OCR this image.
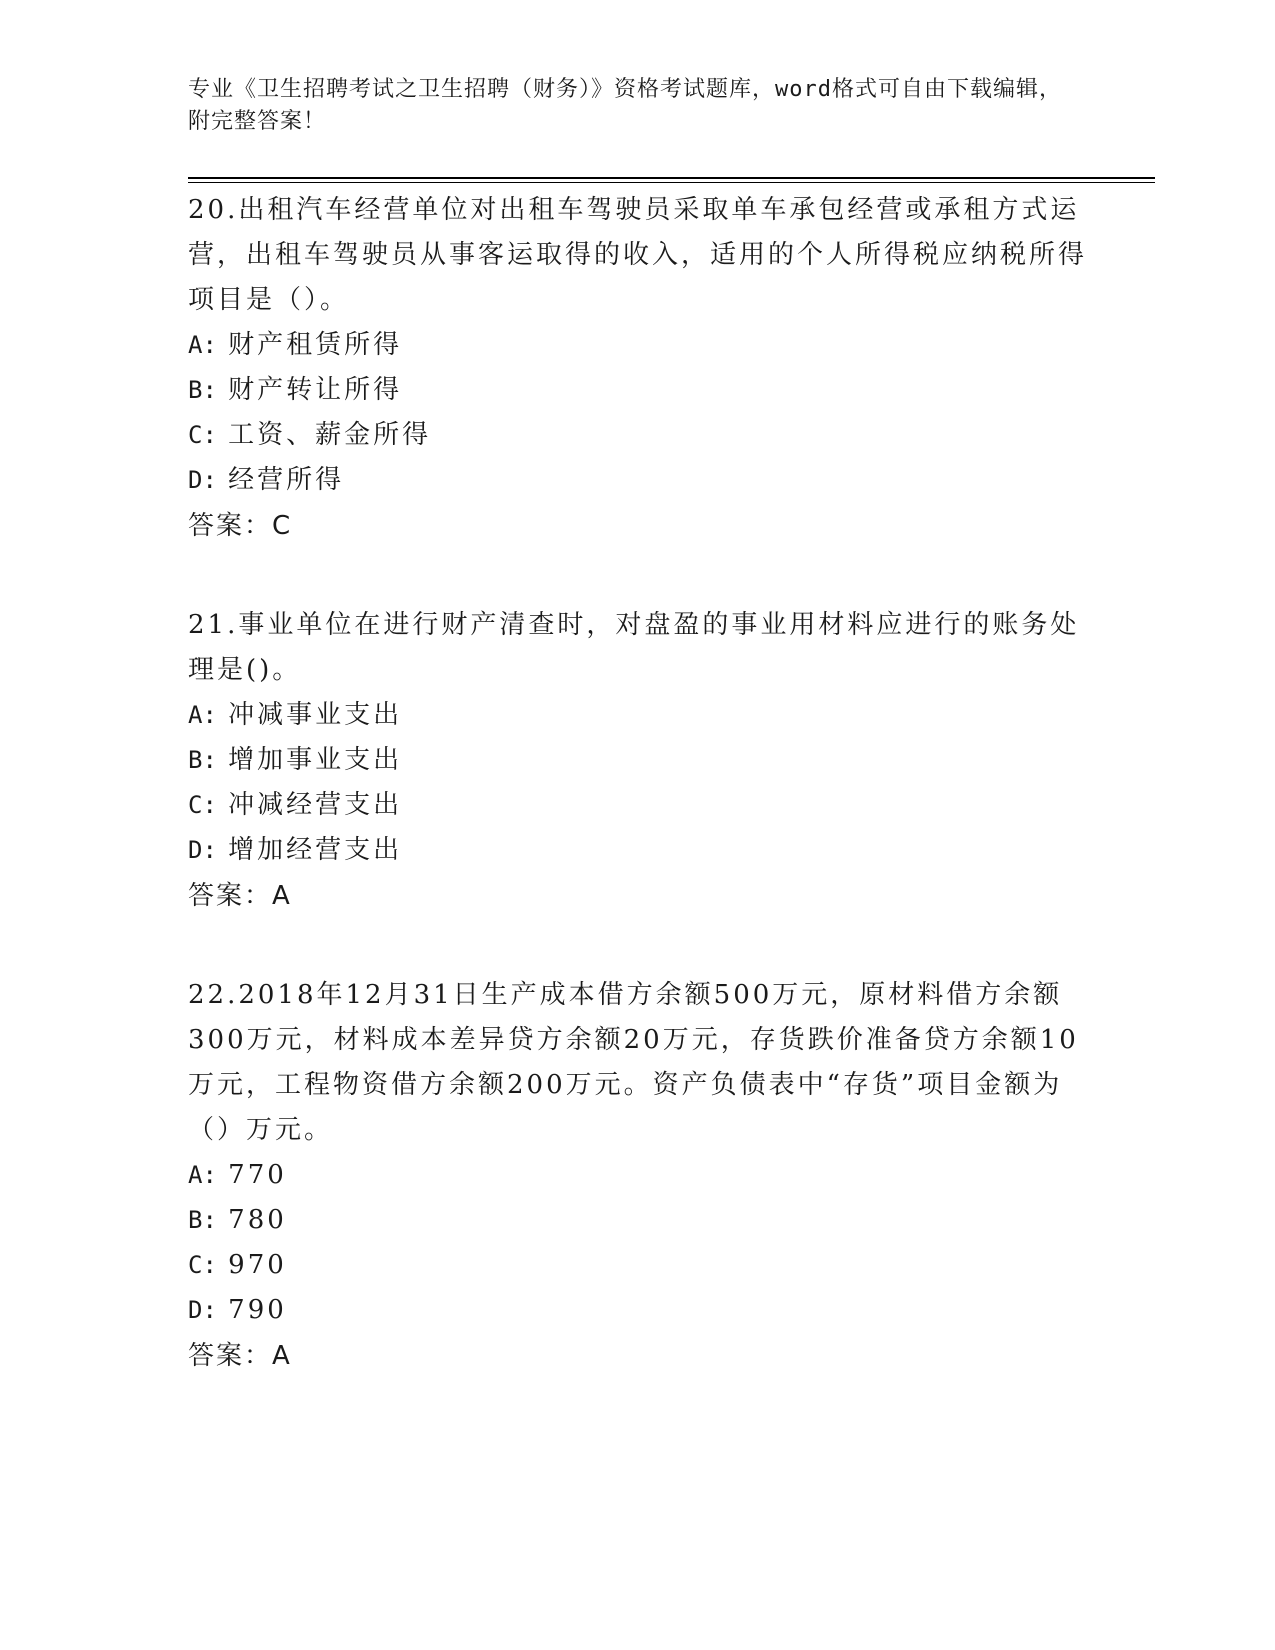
专业《卫生招聘考试之卫生招聘（财务）》资格考试题库，word格式可自由下载编辑，附完整答案！

20.出租汽车经营单位对出租车驾驶员采取单车承包经营或承租方式运营，出租车驾驶员从事客运取得的收入，适用的个人所得税应纳税所得项目是（）。

A: 财产租赁所得

B: 财产转让所得

C: 工资、薪金所得

D: 经营所得

答案：C

21.事业单位在进行财产清查时，对盘盈的事业用材料应进行的账务处理是()。

A: 冲减事业支出

B: 增加事业支出

C: 冲减经营支出

D: 增加经营支出

答案：A

22.2018年12月31日生产成本借方余额500万元，原材料借方余额300万元，材料成本差异贷方余额20万元，存货跌价准备贷方余额10万元，工程物资借方余额200万元。资产负债表中“存货”项目金额为（）万元。

A: 770

B: 780

C: 970

D: 790

答案：A
